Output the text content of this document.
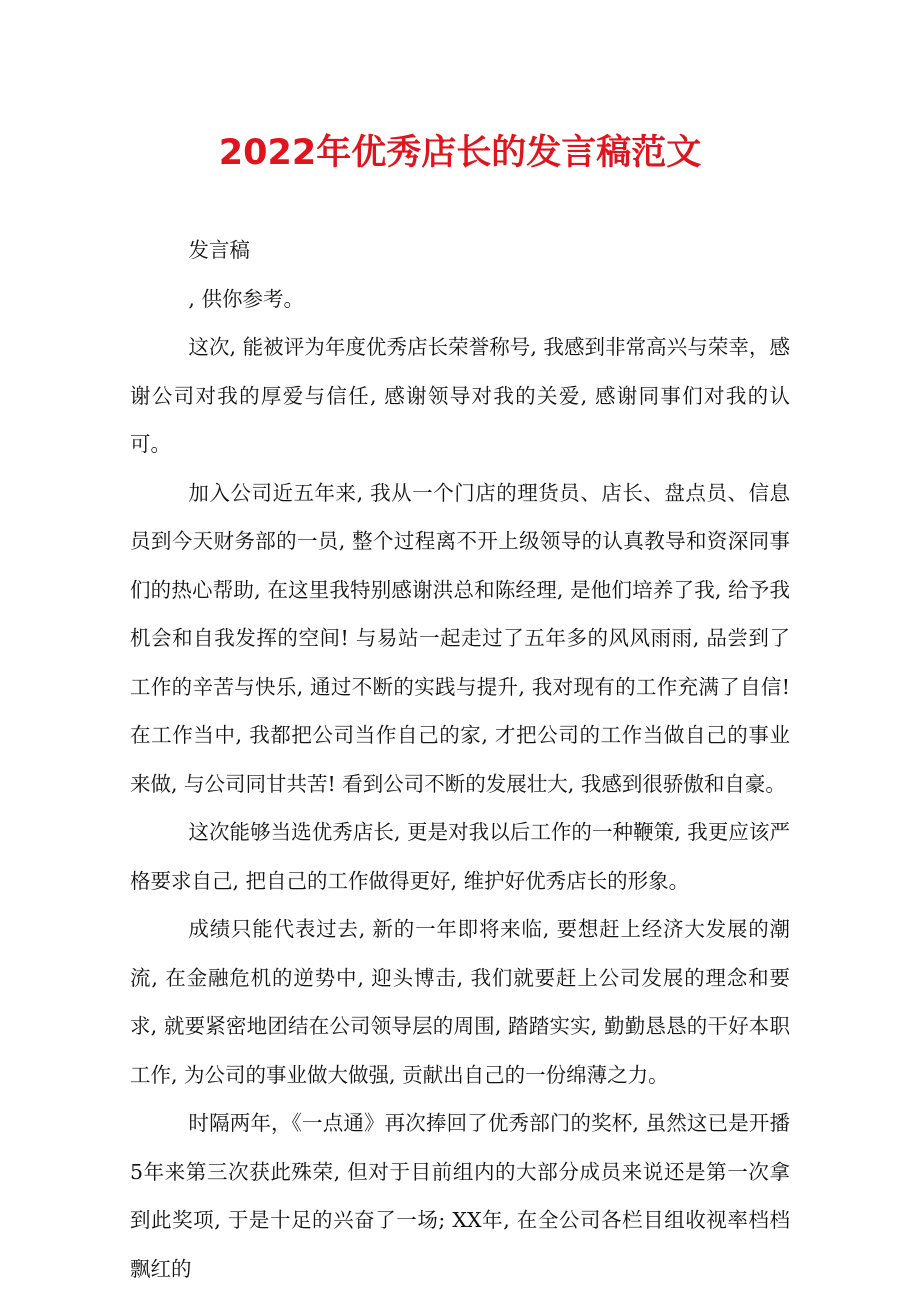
2022年优秀店长的发言稿范文

发言稿

, 供你参考。

这次, 能被评为年度优秀店长荣誉称号, 我感到非常高兴与荣幸，感谢公司对我的厚爱与信任, 感谢领导对我的关爱, 感谢同事们对我的认可。

加入公司近五年来, 我从一个门店的理货员、店长、盘点员、信息员到今天财务部的一员, 整个过程离不开上级领导的认真教导和资深同事们的热心帮助, 在这里我特别感谢洪总和陈经理, 是他们培养了我, 给予我机会和自我发挥的空间! 与易站一起走过了五年多的风风雨雨, 品尝到了工作的辛苦与快乐, 通过不断的实践与提升, 我对现有的工作充满了自信! 在工作当中, 我都把公司当作自己的家, 才把公司的工作当做自己的事业来做, 与公司同甘共苦! 看到公司不断的发展壮大, 我感到很骄傲和自豪。

这次能够当选优秀店长, 更是对我以后工作的一种鞭策, 我更应该严格要求自己, 把自己的工作做得更好, 维护好优秀店长的形象。

成绩只能代表过去, 新的一年即将来临, 要想赶上经济大发展的潮流, 在金融危机的逆势中, 迎头博击, 我们就要赶上公司发展的理念和要求, 就要紧密地团结在公司领导层的周围, 踏踏实实, 勤勤恳恳的干好本职工作, 为公司的事业做大做强, 贡献出自己的一份绵薄之力。

时隔两年，《一点通》再次捧回了优秀部门的奖杯, 虽然这已是开播5年来第三次获此殊荣, 但对于目前组内的大部分成员来说还是第一次拿到此奖项, 于是十足的兴奋了一场; XX年, 在全公司各栏目组收视率档档飘红的
